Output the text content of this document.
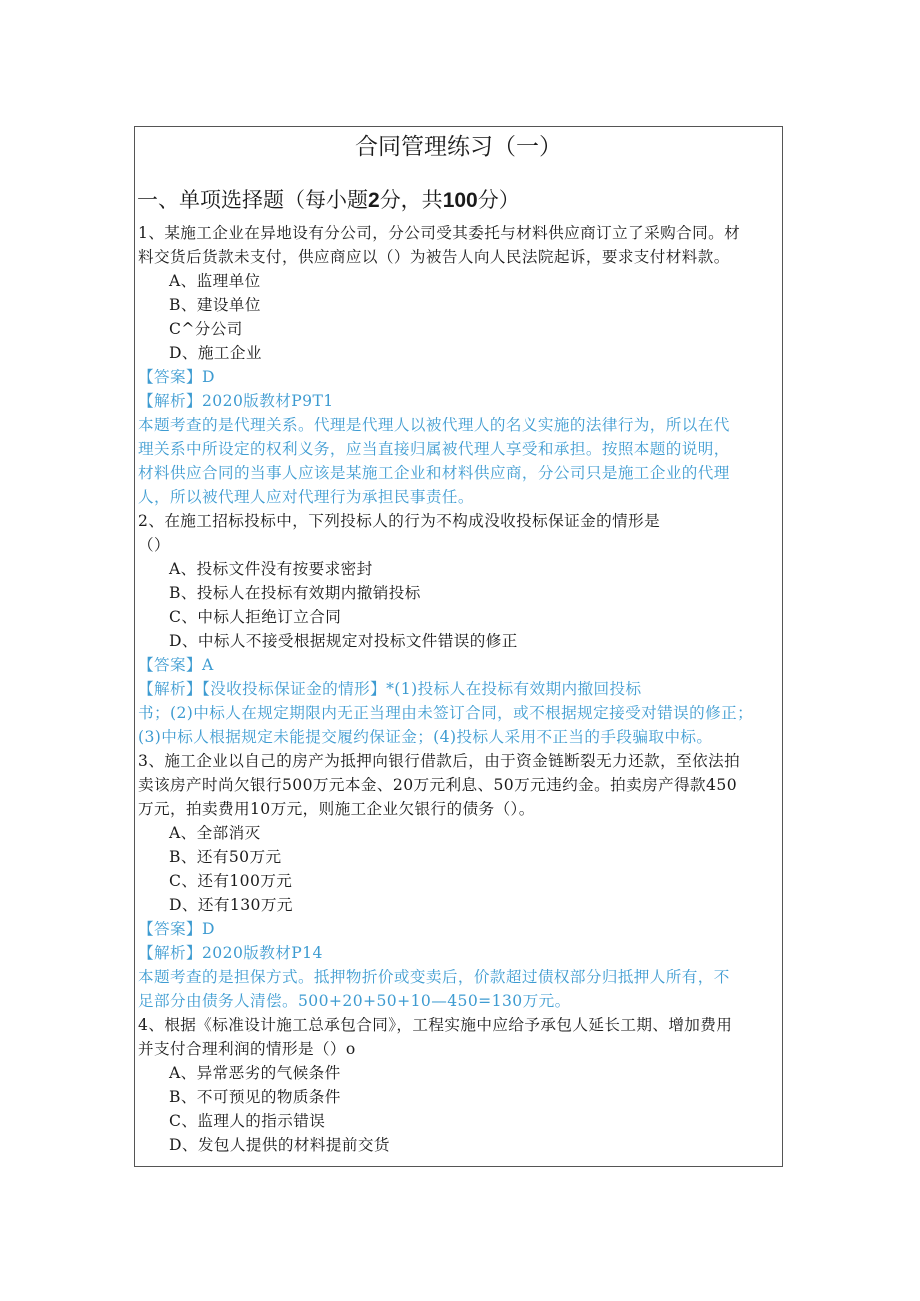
合同管理练习（一）
一、单项选择题（每小题2分，共100分）
1、某施工企业在异地设有分公司，分公司受其委托与材料供应商订立了采购合同。材
料交货后货款未支付，供应商应以（）为被告人向人民法院起诉，要求支付材料款。
A、监理单位
B、建设单位
C^分公司
D、施工企业
【答案】D
【解析】2020版教材P9T1
本题考查的是代理关系。代理是代理人以被代理人的名义实施的法律行为，所以在代
理关系中所设定的权利义务，应当直接归属被代理人享受和承担。按照本题的说明，
材料供应合同的当事人应该是某施工企业和材料供应商，分公司只是施工企业的代理
人，所以被代理人应对代理行为承担民事责任。
2、在施工招标投标中，下列投标人的行为不构成没收投标保证金的情形是
（）
A、投标文件没有按要求密封
B、投标人在投标有效期内撤销投标
C、中标人拒绝订立合同
D、中标人不接受根据规定对投标文件错误的修正
【答案】A
【解析】【没收投标保证金的情形】*(1)投标人在投标有效期内撤回投标
书；(2)中标人在规定期限内无正当理由未签订合同，或不根据规定接受对错误的修正；
(3)中标人根据规定未能提交履约保证金；(4)投标人采用不正当的手段骗取中标。
3、施工企业以自己的房产为抵押向银行借款后，由于资金链断裂无力还款，至依法拍
卖该房产时尚欠银行500万元本金、20万元利息、50万元违约金。拍卖房产得款450
万元，拍卖费用10万元，则施工企业欠银行的债务（）。
A、全部消灭
B、还有50万元
C、还有100万元
D、还有130万元
【答案】D
【解析】2020版教材P14
本题考查的是担保方式。抵押物折价或变卖后，价款超过债权部分归抵押人所有，不
足部分由债务人清偿。500+20+50+10—450=130万元。
4、根据《标准设计施工总承包合同》，工程实施中应给予承包人延长工期、增加费用
并支付合理利润的情形是（）o
A、异常恶劣的气候条件
B、不可预见的物质条件
C、监理人的指示错误
D、发包人提供的材料提前交货
